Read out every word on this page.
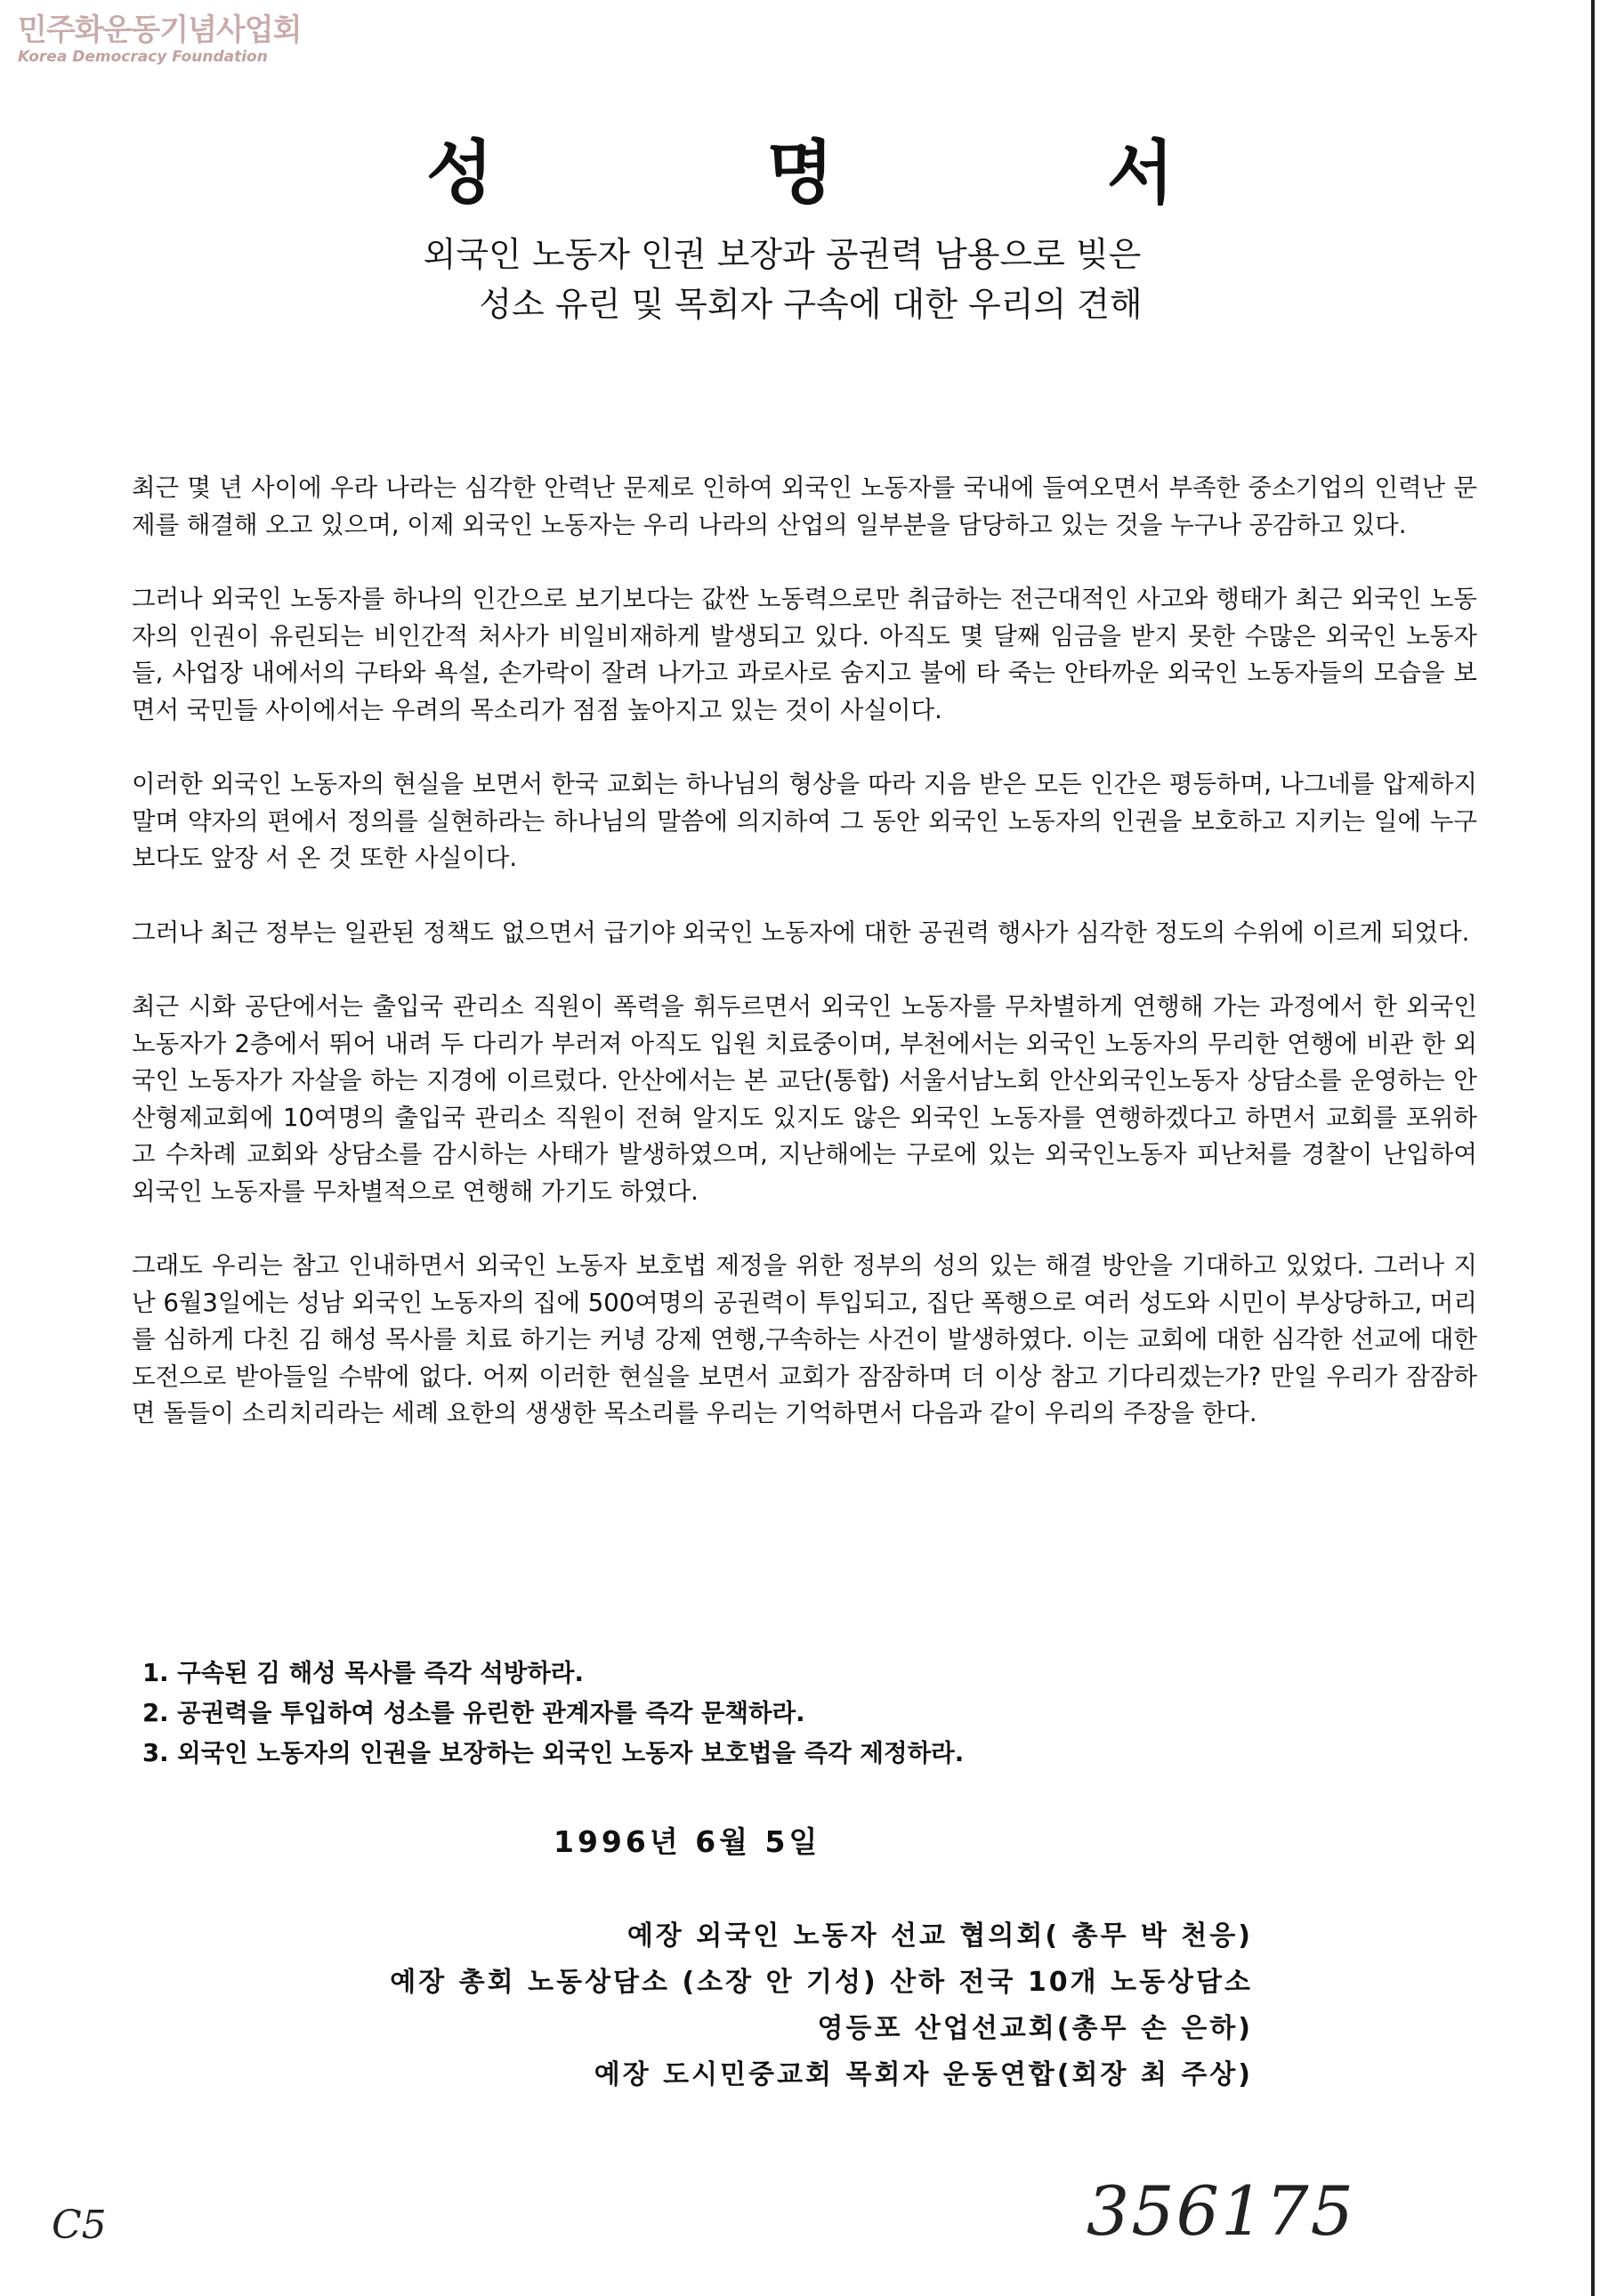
민주화운동기념사업회
Korea Democracy Foundation
성 명 서
외국인 노동자 인권 보장과 공권력 남용으로 빚은
성소 유린 및 목회자 구속에 대한 우리의 견해

최근 몇 년 사이에 우라 나라는 심각한 안력난 문제로 인하여 외국인 노동자를 국내에 들여오면서 부족한 중소기업의 인력난 문제를 해결해 오고 있으며, 이제 외국인 노동자는 우리 나라의 산업의 일부분을 담당하고 있는 것을 누구나 공감하고 있다.

그러나 외국인 노동자를 하나의 인간으로 보기보다는 값싼 노동력으로만 취급하는 전근대적인 사고와 행태가 최근 외국인 노동자의 인권이 유린되는 비인간적 처사가 비일비재하게 발생되고 있다. 아직도 몇 달째 임금을 받지 못한 수많은 외국인 노동자들, 사업장 내에서의 구타와 욕설, 손가락이 잘려 나가고 과로사로 숨지고 불에 타 죽는 안타까운 외국인 노동자들의 모습을 보면서 국민들 사이에서는 우려의 목소리가 점점 높아지고 있는 것이 사실이다.

이러한 외국인 노동자의 현실을 보면서 한국 교회는 하나님의 형상을 따라 지음 받은 모든 인간은 평등하며, 나그네를 압제하지 말며 약자의 편에서 정의를 실현하라는 하나님의 말씀에 의지하여 그 동안 외국인 노동자의 인권을 보호하고 지키는 일에 누구보다도 앞장 서 온 것 또한 사실이다.

그러나 최근 정부는 일관된 정책도 없으면서 급기야 외국인 노동자에 대한 공권력 행사가 심각한 정도의 수위에 이르게 되었다.

최근 시화 공단에서는 출입국 관리소 직원이 폭력을 휘두르면서 외국인 노동자를 무차별하게 연행해 가는 과정에서 한 외국인 노동자가 2층에서 뛰어 내려 두 다리가 부러져 아직도 입원 치료중이며, 부천에서는 외국인 노동자의 무리한 연행에 비관 한 외국인 노동자가 자살을 하는 지경에 이르렀다. 안산에서는 본 교단(통합) 서울서남노회 안산외국인노동자 상담소를 운영하는 안산형제교회에 10여명의 출입국 관리소 직원이 전혀 알지도 있지도 않은 외국인 노동자를 연행하겠다고 하면서 교회를 포위하고 수차례 교회와 상담소를 감시하는 사태가 발생하였으며, 지난해에는 구로에 있는 외국인노동자 피난처를 경찰이 난입하여 외국인 노동자를 무차별적으로 연행해 가기도 하였다.

그래도 우리는 참고 인내하면서 외국인 노동자 보호법 제정을 위한 정부의 성의 있는 해결 방안을 기대하고 있었다. 그러나 지난 6월3일에는 성남 외국인 노동자의 집에 500여명의 공권력이 투입되고, 집단 폭행으로 여러 성도와 시민이 부상당하고, 머리를 심하게 다친 김 해성 목사를 치료 하기는 커녕 강제 연행,구속하는 사건이 발생하였다. 이는 교회에 대한 심각한 선교에 대한 도전으로 받아들일 수밖에 없다. 어찌 이러한 현실을 보면서 교회가 잠잠하며 더 이상 참고 기다리겠는가? 만일 우리가 잠잠하면 돌들이 소리치리라는 세례 요한의 생생한 목소리를 우리는 기억하면서 다음과 같이 우리의 주장을 한다.

1. 구속된 김 해성 목사를 즉각 석방하라.
2. 공권력을 투입하여 성소를 유린한 관계자를 즉각 문책하라.
3. 외국인 노동자의 인권을 보장하는 외국인 노동자 보호법을 즉각 제정하라.
1996년 6월 5일
예장 외국인 노동자 선교 협의회( 총무 박 천응)
예장 총회 노동상담소 (소장 안 기성) 산하 전국 10개 노동상담소
영등포 산업선교회(총무 손 은하)
예장 도시민중교회 목회자 운동연합(회장 최 주상)
356175
C5
